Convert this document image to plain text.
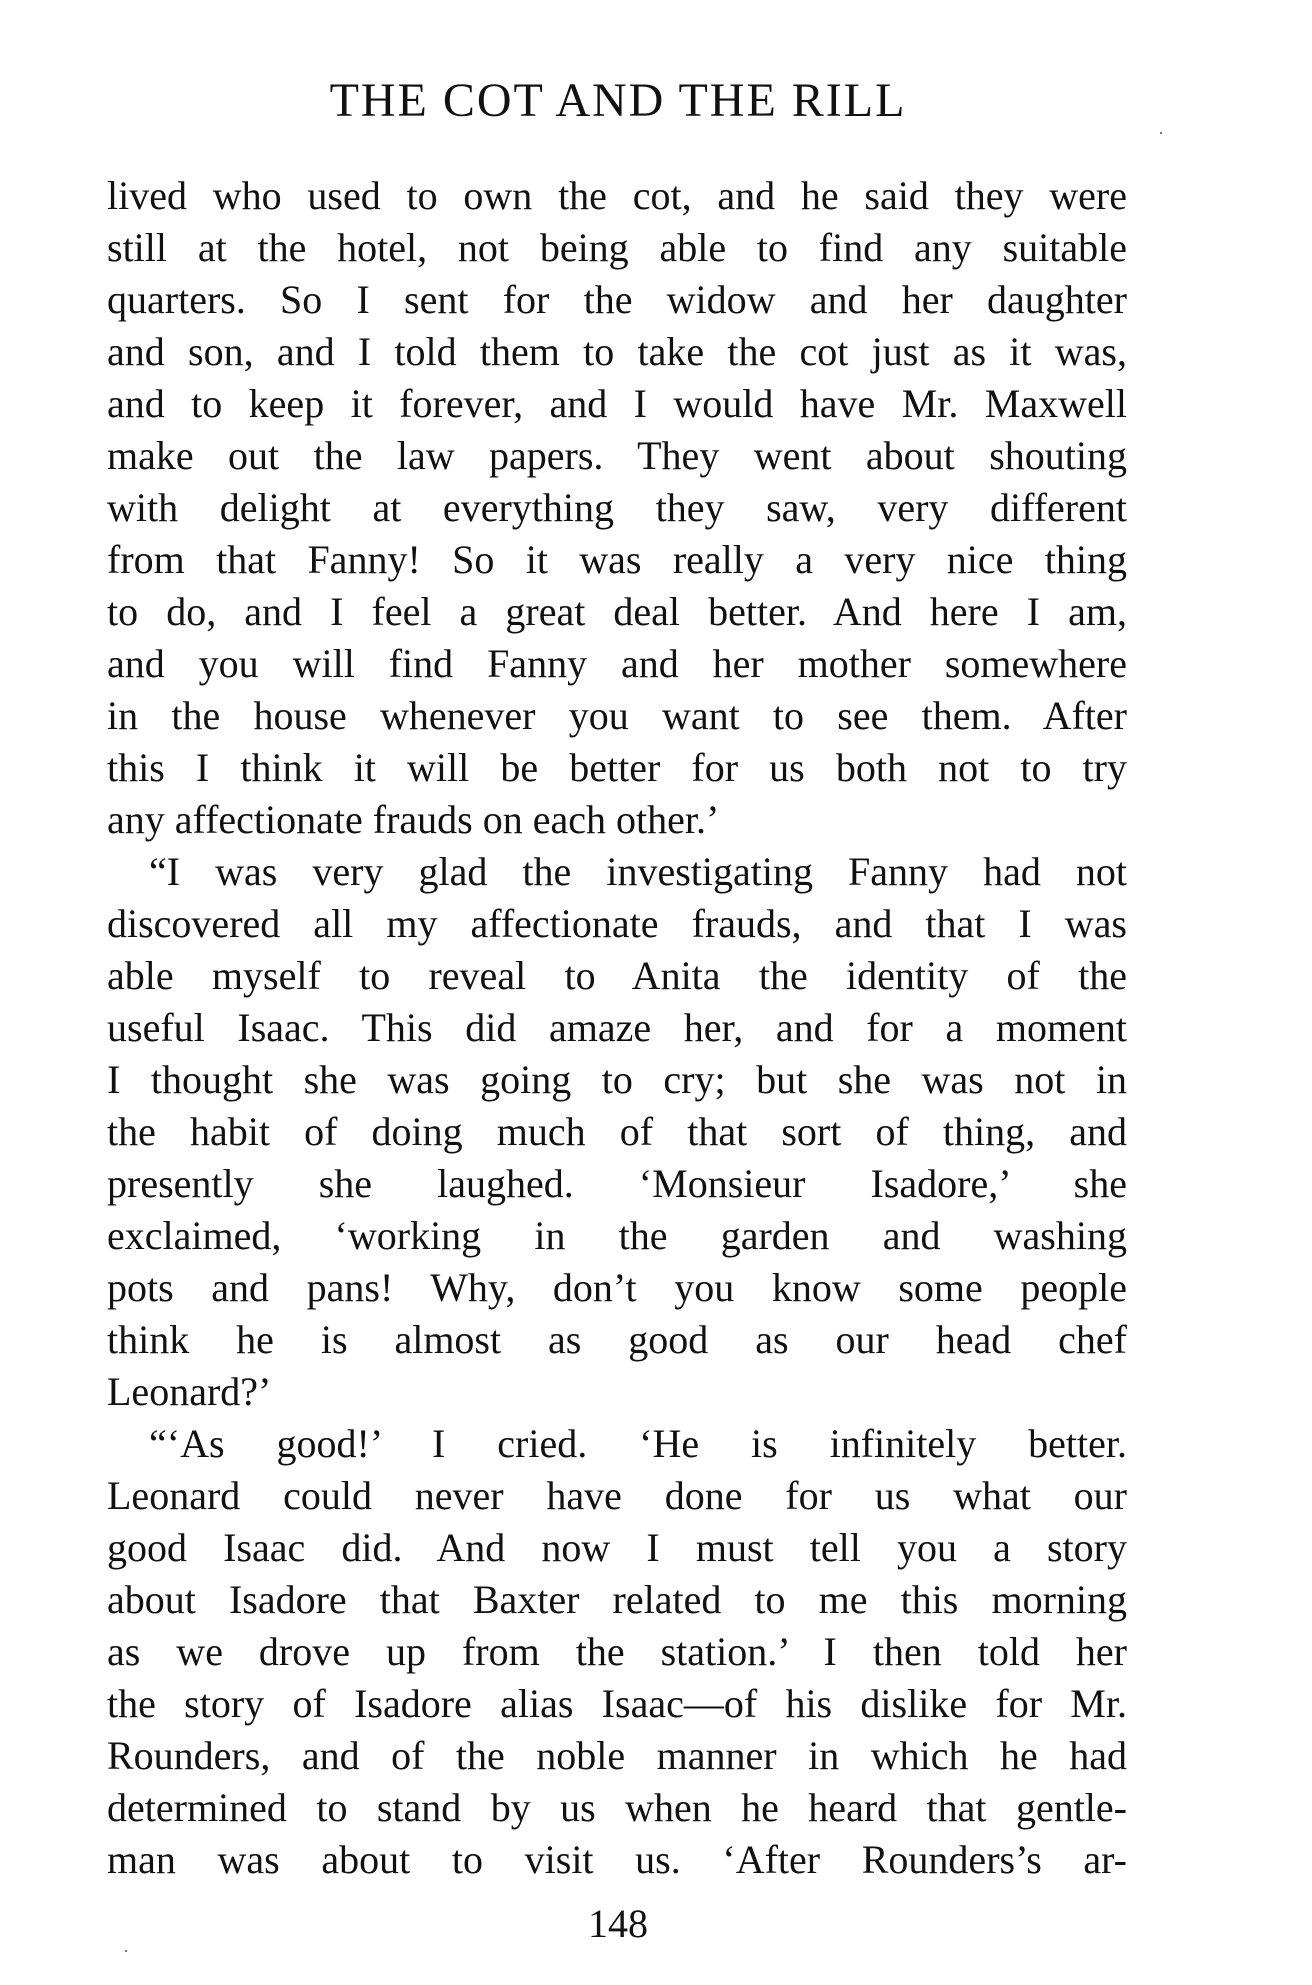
THE COT AND THE RILL
lived who used to own the cot, and he said they were
still at the hotel, not being able to find any suitable
quarters. So I sent for the widow and her daughter
and son, and I told them to take the cot just as it was,
and to keep it forever, and I would have Mr. Maxwell
make out the law papers. They went about shouting
with delight at everything they saw, very different
from that Fanny! So it was really a very nice thing
to do, and I feel a great deal better. And here I am,
and you will find Fanny and her mother somewhere
in the house whenever you want to see them. After
this I think it will be better for us both not to try
any affectionate frauds on each other.’
“I was very glad the investigating Fanny had not
discovered all my affectionate frauds, and that I was
able myself to reveal to Anita the identity of the
useful Isaac. This did amaze her, and for a moment
I thought she was going to cry; but she was not in
the habit of doing much of that sort of thing, and
presently she laughed. ‘Monsieur Isadore,’ she
exclaimed, ‘working in the garden and washing
pots and pans! Why, don’t you know some people
think he is almost as good as our head chef
Leonard?’
“‘As good!’ I cried. ‘He is infinitely better.
Leonard could never have done for us what our
good Isaac did. And now I must tell you a story
about Isadore that Baxter related to me this morning
as we drove up from the station.’ I then told her
the story of Isadore alias Isaac—of his dislike for Mr.
Rounders, and of the noble manner in which he had
determined to stand by us when he heard that gentle-
man was about to visit us. ‘After Rounders’s ar-
148
